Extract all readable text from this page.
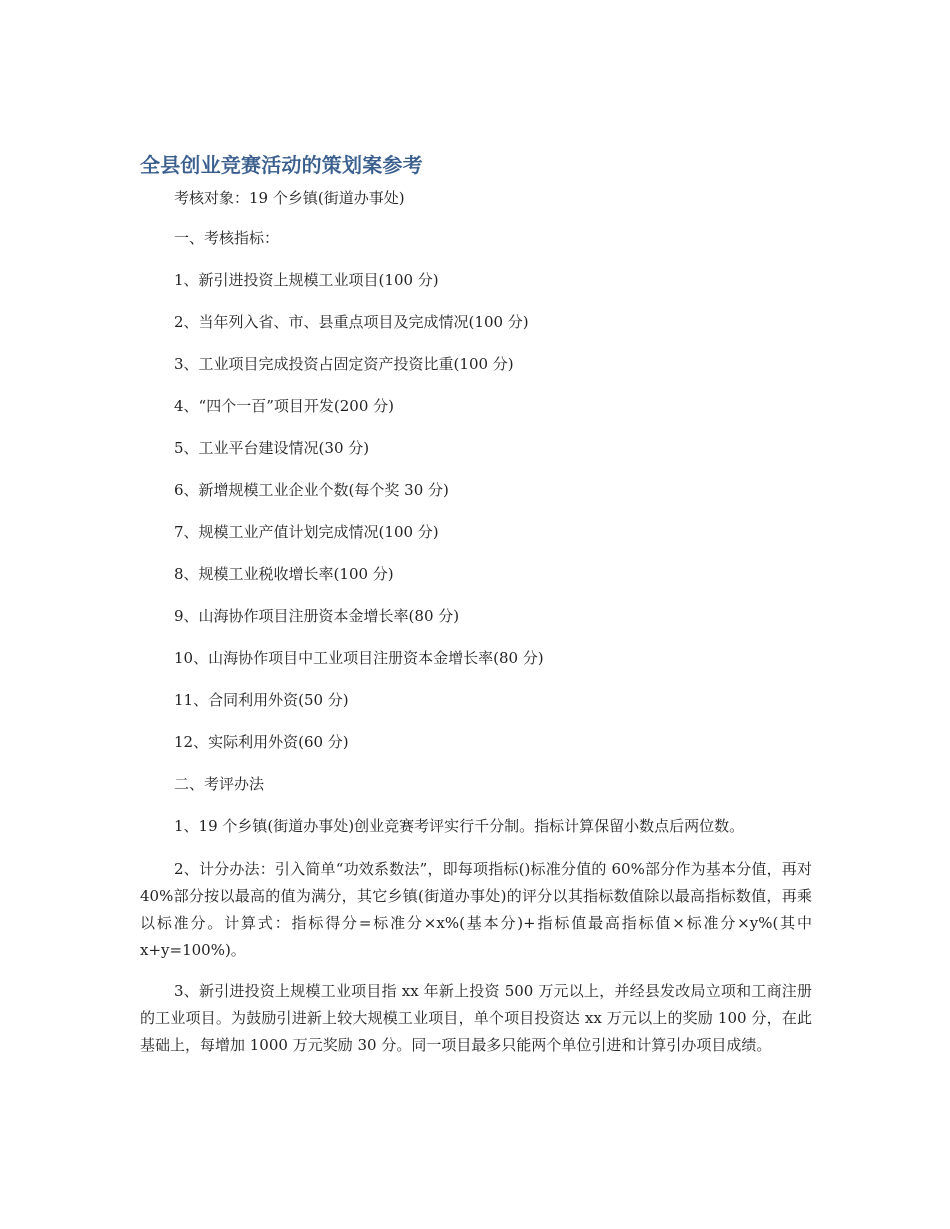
全县创业竞赛活动的策划案参考

考核对象：19 个乡镇(街道办事处)

一、考核指标：

1、新引进投资上规模工业项目(100 分)

2、当年列入省、市、县重点项目及完成情况(100 分)

3、工业项目完成投资占固定资产投资比重(100 分)

4、“四个一百”项目开发(200 分)

5、工业平台建设情况(30 分)

6、新增规模工业企业个数(每个奖 30 分)

7、规模工业产值计划完成情况(100 分)

8、规模工业税收增长率(100 分)

9、山海协作项目注册资本金增长率(80 分)

10、山海协作项目中工业项目注册资本金增长率(80 分)

11、合同利用外资(50 分)

12、实际利用外资(60 分)

二、考评办法

1、19 个乡镇(街道办事处)创业竞赛考评实行千分制。指标计算保留小数点后两位数。

2、计分办法：引入简单“功效系数法”，即每项指标()标准分值的 60%部分作为基本分值，再对 40%部分按以最高的值为满分，其它乡镇(街道办事处)的评分以其指标数值除以最高指标数值，再乘以标准分。计算式：指标得分=标准分×x%(基本分)+指标值最高指标值×标准分×y%(其中 x+y=100%)。

3、新引进投资上规模工业项目指 xx 年新上投资 500 万元以上，并经县发改局立项和工商注册的工业项目。为鼓励引进新上较大规模工业项目，单个项目投资达 xx 万元以上的奖励 100 分，在此基础上，每增加 1000 万元奖励 30 分。同一项目最多只能两个单位引进和计算引办项目成绩。
